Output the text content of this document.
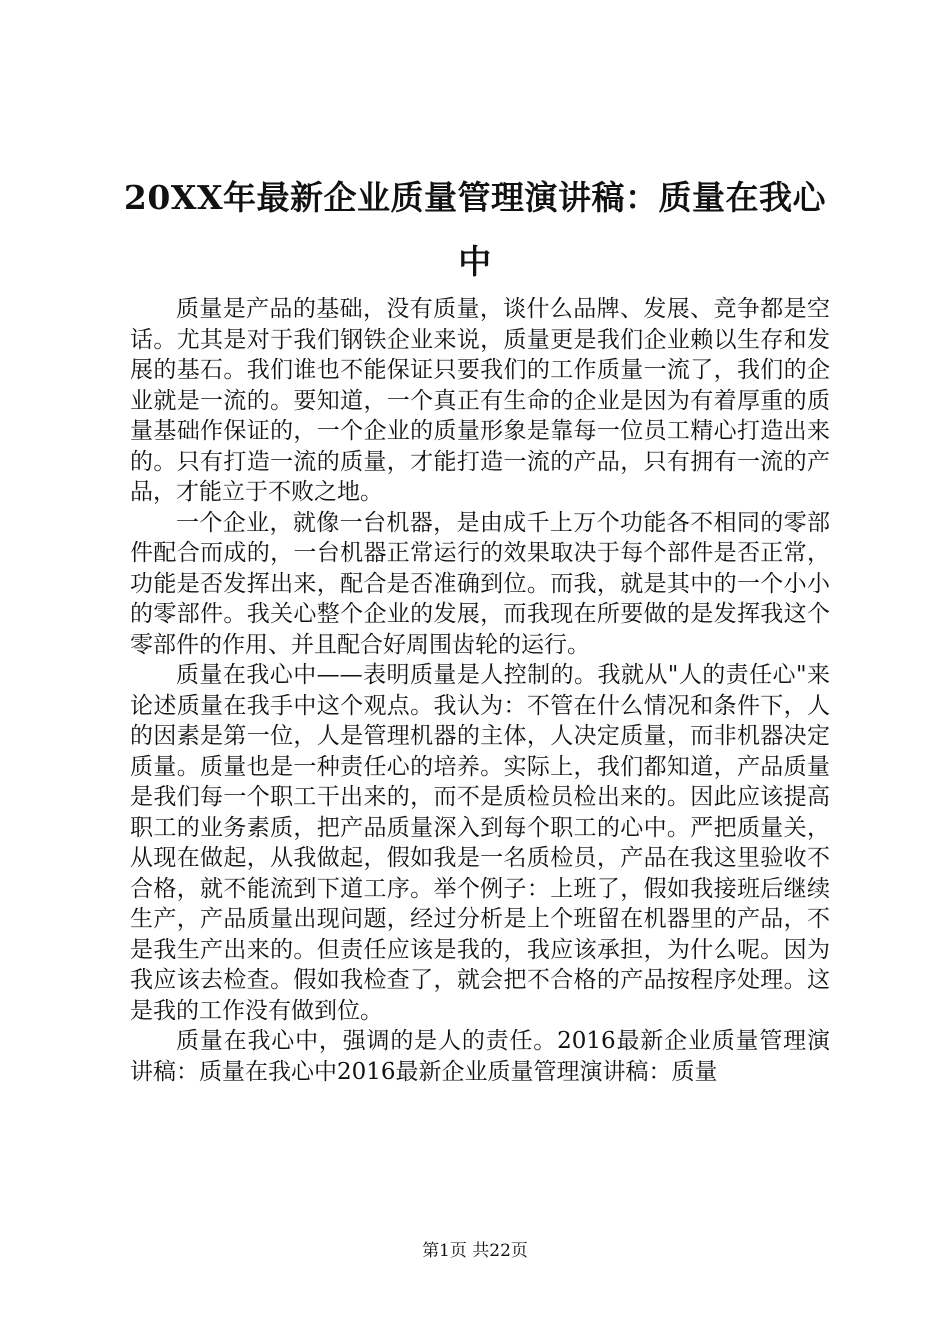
20XX年最新企业质量管理演讲稿：质量在我心中

质量是产品的基础，没有质量，谈什么品牌、发展、竞争都是空话。尤其是对于我们钢铁企业来说，质量更是我们企业赖以生存和发展的基石。我们谁也不能保证只要我们的工作质量一流了，我们的企业就是一流的。要知道，一个真正有生命的企业是因为有着厚重的质量基础作保证的，一个企业的质量形象是靠每一位员工精心打造出来的。只有打造一流的质量，才能打造一流的产品，只有拥有一流的产品，才能立于不败之地。

一个企业，就像一台机器，是由成千上万个功能各不相同的零部件配合而成的，一台机器正常运行的效果取决于每个部件是否正常，功能是否发挥出来，配合是否准确到位。而我，就是其中的一个小小的零部件。我关心整个企业的发展，而我现在所要做的是发挥我这个零部件的作用、并且配合好周围齿轮的运行。

质量在我心中——表明质量是人控制的。我就从"人的责任心"来论述质量在我手中这个观点。我认为：不管在什么情况和条件下，人的因素是第一位，人是管理机器的主体，人决定质量，而非机器决定质量。质量也是一种责任心的培养。实际上，我们都知道，产品质量是我们每一个职工干出来的，而不是质检员检出来的。因此应该提高职工的业务素质，把产品质量深入到每个职工的心中。严把质量关，从现在做起，从我做起，假如我是一名质检员，产品在我这里验收不合格，就不能流到下道工序。举个例子：上班了，假如我接班后继续生产，产品质量出现问题，经过分析是上个班留在机器里的产品，不是我生产出来的。但责任应该是我的，我应该承担，为什么呢。因为我应该去检查。假如我检查了，就会把不合格的产品按程序处理。这是我的工作没有做到位。

质量在我心中，强调的是人的责任。2016最新企业质量管理演讲稿：质量在我心中2016最新企业质量管理演讲稿：质量

第1页 共22页
